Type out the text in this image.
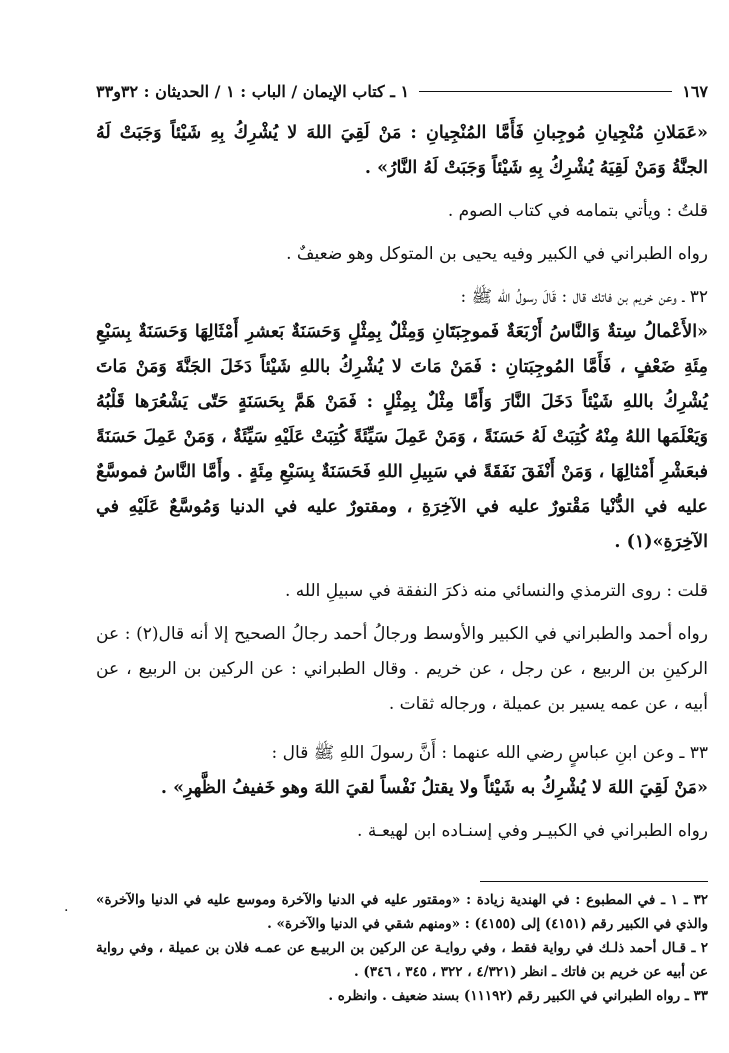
١٦٧
١ ـ كتاب الإيمان / الباب : ١ / الحديثان : ٣٢و٣٣

«عَمَلانِ مُنْجِيانِ مُوجِبانِ فَأَمَّا المُنْجِيانِ : مَنْ لَقِيَ اللهَ لا يُشْرِكُ بِهِ شَيْئاً وَجَبَتْ لَهُ الجنَّةُ وَمَنْ لَقِيَهُ يُشْرِكُ بِهِ شَيْئاً وَجَبَتْ لَهُ النَّارُ» .

قلتُ : ويأتي بتمامه في كتاب الصوم .

رواه الطبراني في الكبير وفيه يحيى بن المتوكل وهو ضعيفٌ .

٣٢ ـ وعن خريم بن فاتك قال : قَالَ رسولُ الله ﷺ :

«الأَعْمالُ سِتةٌ وَالنَّاسُ أَرْبَعَةٌ فَموجِبَتَانِ وَمِثْلٌ بِمِثْلٍ وَحَسَنَةٌ بَعشرِ أَمْثَالِهَا وَحَسَنَةٌ بِسَبْعِ مِئَةِ ضَعْفٍ ، فَأَمَّا المُوجِبَتانِ : فَمَنْ مَاتَ لا يُشْرِكُ باللهِ شَيْئاً دَخَلَ الجَنَّةَ وَمَنْ مَاتَ يُشْرِكُ باللهِ شَيْئاً دَخَلَ النَّارَ وَأَمَّا مِثْلٌ بِمِثْلٍ : فَمَنْ هَمَّ بِحَسَنَةٍ حَتّى يَشْعُرَها قَلْبُهُ وَيَعْلَمَها اللهُ مِنْهُ كُتِبَتْ لَهُ حَسَنَةً ، وَمَنْ عَمِلَ سَيِّئَةً كُتِبَتْ عَلَيْهِ سَيِّئَةٌ ، وَمَنْ عَمِلَ حَسَنَةً فبعَشْرِ أَمْثالِهَا ، وَمَنْ أَنْفَقَ نَفَقَةً في سَبِيلِ اللهِ فَحَسَنَةٌ بِسَبْعِ مِئَةٍ . وأَمَّا النَّاسُ فموسَّعٌ عليه في الدُّنْيا مَقْتورٌ عليه في الآخِرَةِ ، ومقتورٌ عليه في الدنيا وَمُوسَّعٌ عَلَيْهِ في الآخِرَةِ»(١) .

قلت : روى الترمذي والنسائي منه ذكرَ النفقة في سبيلِ الله .

رواه أحمد والطبراني في الكبير والأوسط ورجالُ أحمد رجالُ الصحيح إلا أنه قال(٢) : عن الركينِ بن الربيع ، عن رجل ، عن خريم . وقال الطبراني : عن الركين بن الربيع ، عن أبيه ، عن عمه يسير بن عميلة ، ورجاله ثقات .

٣٣ ـ وعن ابنِ عباسٍ رضي الله عنهما : أَنَّ رسولَ اللهِ ﷺ قال :

«مَنْ لَقِيَ اللهَ لا يُشْرِكُ به شَيْئاً ولا يقتلُ نَفْساً لقيَ اللهَ وهو خَفيفُ الظَّهرِ» .

رواه الطبراني في الكبيـر وفي إسنـاده ابن لهيعـة .

. ٣٢ ـ ١ ـ في المطبوع : في الهندية زيادة : «ومقتور عليه في الدنيا والآخرة وموسع عليه في الدنيا والآخرة» والذي في الكبير رقم (٤١٥١) إلى (٤١٥٥) : «ومنهم شقي في الدنيا والآخرة» .

٢ ـ قـال أحمد ذلـك في رواية فقط ، وفي روايـة عن الركين بن الربيـع عن عمـه فلان بن عميلة ، وفي رواية عن أبيه عن خريم بن فاتك ـ انظر (٤/٣٢١ ، ٣٢٢ ، ٣٤٥ ، ٣٤٦) .

٣٣ ـ رواه الطبراني في الكبير رقم (١١١٩٢) بسند ضعيف . وانظره .
